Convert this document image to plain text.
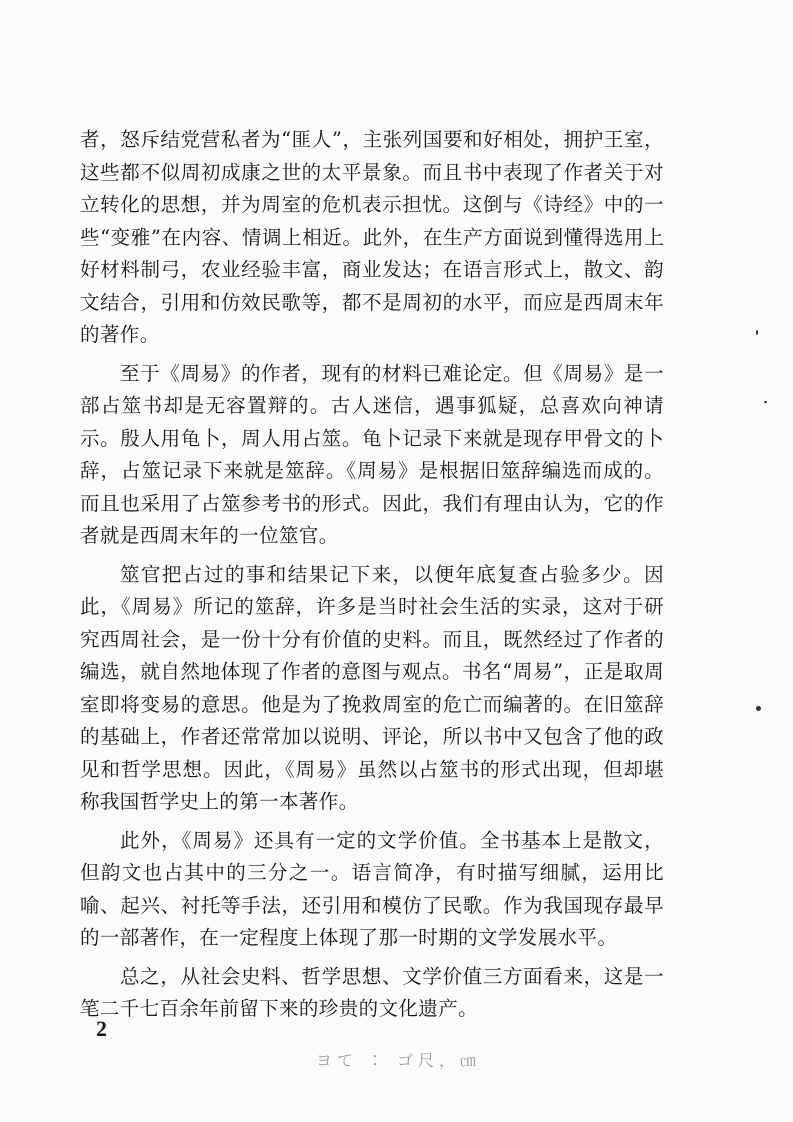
者，怒斥结党营私者为“匪人”，主张列国要和好相处，拥护王室，这些都不似周初成康之世的太平景象。而且书中表现了作者关于对立转化的思想，并为周室的危机表示担忧。这倒与《诗经》中的一些“变雅”在内容、情调上相近。此外，在生产方面说到懂得选用上好材料制弓，农业经验丰富，商业发达；在语言形式上，散文、韵文结合，引用和仿效民歌等，都不是周初的水平，而应是西周末年的著作。

至于《周易》的作者，现有的材料已难论定。但《周易》是一部占筮书却是无容置辩的。古人迷信，遇事狐疑，总喜欢向神请示。殷人用龟卜，周人用占筮。龟卜记录下来就是现存甲骨文的卜辞，占筮记录下来就是筮辞。《周易》是根据旧筮辞编选而成的。而且也采用了占筮参考书的形式。因此，我们有理由认为，它的作者就是西周末年的一位筮官。

筮官把占过的事和结果记下来，以便年底复查占验多少。因此，《周易》所记的筮辞，许多是当时社会生活的实录，这对于研究西周社会，是一份十分有价值的史料。而且，既然经过了作者的编选，就自然地体现了作者的意图与观点。书名“周易”，正是取周室即将变易的意思。他是为了挽救周室的危亡而编著的。在旧筮辞的基础上，作者还常常加以说明、评论，所以书中又包含了他的政见和哲学思想。因此，《周易》虽然以占筮书的形式出现，但却堪称我国哲学史上的第一本著作。

此外，《周易》还具有一定的文学价值。全书基本上是散文，但韵文也占其中的三分之一。语言简净，有时描写细腻，运用比喻、起兴、衬托等手法，还引用和模仿了民歌。作为我国现存最早的一部著作，在一定程度上体现了那一时期的文学发展水平。

总之，从社会史料、哲学思想、文学价值三方面看来，这是一笔二千七百余年前留下来的珍贵的文化遗产。

2
ヨて ∶ ゴ尺，㎝
